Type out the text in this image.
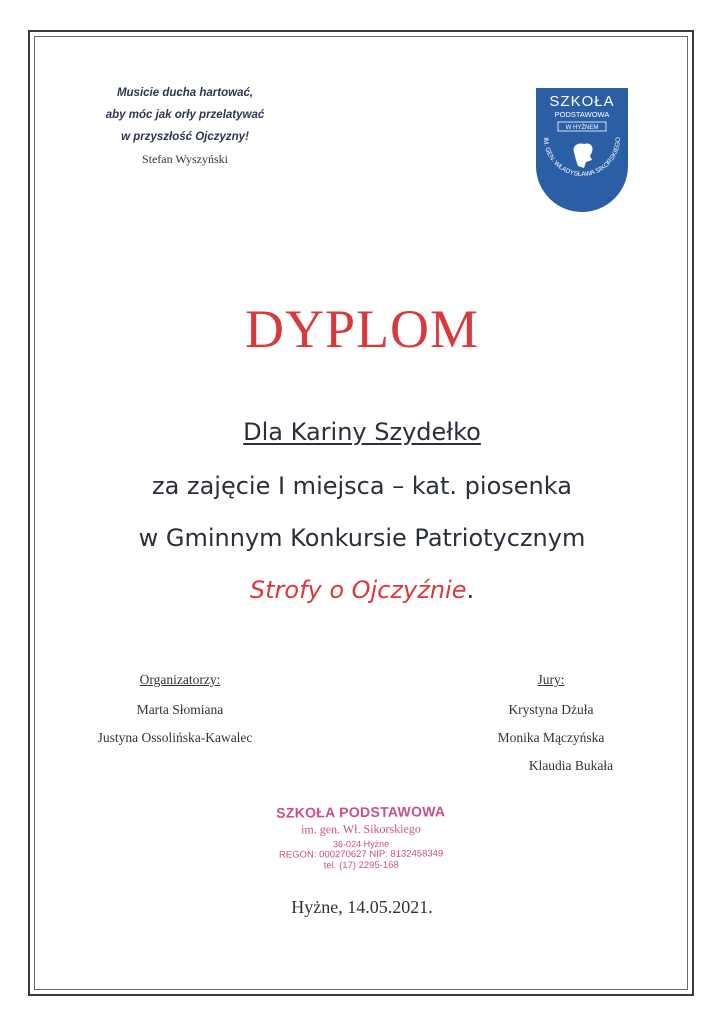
Musicie ducha hartować,
aby móc jak orły przelatywać
w przyszłość Ojczyzny!
Stefan Wyszyński
SZKOŁA
PODSTAWOWA
W HYŻNEM
IM. GEN. WŁADYSŁAWA SIKORSKIEGO
DYPLOM
Dla Kariny Szydełko
za zajęcie I miejsca – kat. piosenka
w Gminnym Konkursie Patriotycznym
Strofy o Ojczyźnie.
Organizatorzy:
Marta Słomiana
Justyna Ossolińska-Kawalec
Jury:
Krystyna Dżuła
Monika Mączyńska
Klaudia Bukała
SZKOŁA PODSTAWOWA
im. gen. Wł. Sikorskiego
36-024 Hyżne
REGON: 000270627 NIP: 8132458349
tel. (17) 2295-168
Hyżne, 14.05.2021.
